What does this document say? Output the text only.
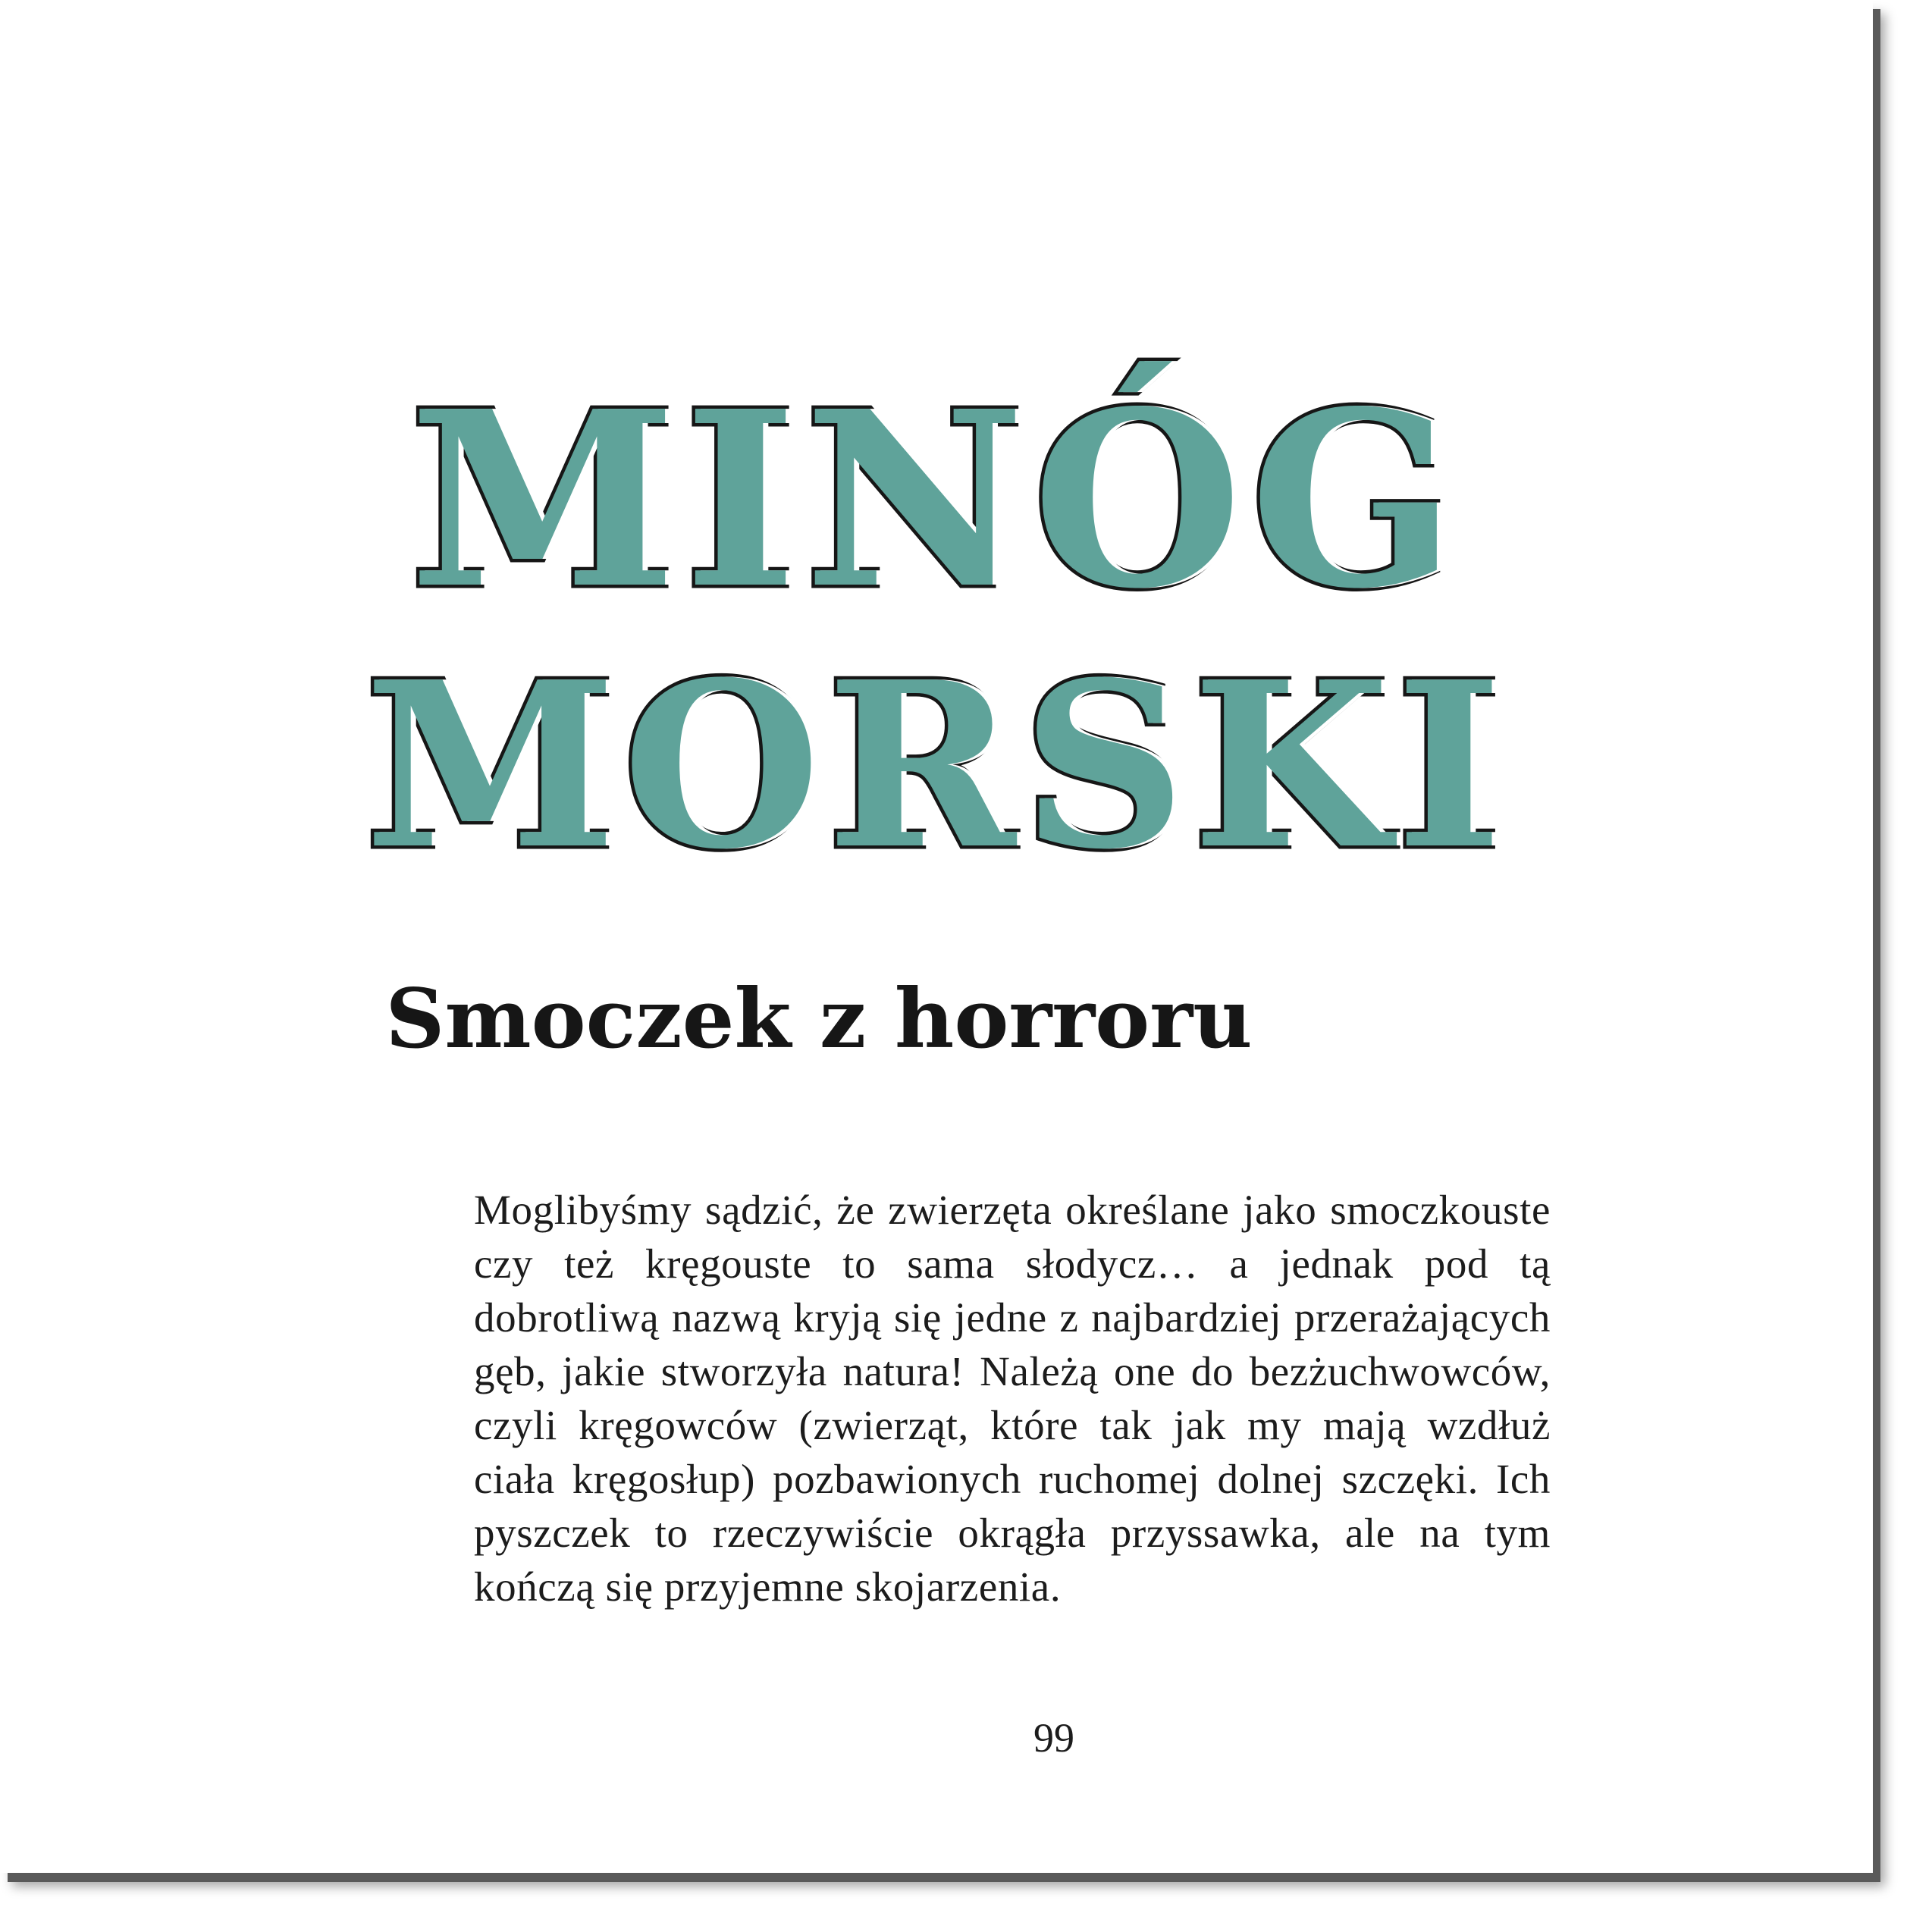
MINÓG
MORSKI
Smoczek z horroru

Moglibyśmy sądzić, że zwierzęta określane jako smoczkouste czy też kręgouste to sama słodycz… a jednak pod tą dobrotliwą nazwą kryją się jedne z najbardziej przerażających gęb, jakie stworzyła natura! Należą one do bezżuchwowców, czyli kręgowców (zwierząt, które tak jak my mają wzdłuż ciała kręgosłup) pozbawionych ruchomej dolnej szczęki. Ich pyszczek to rzeczywiście okrągła przyssawka, ale na tym kończą się przyjemne skojarzenia.

99
